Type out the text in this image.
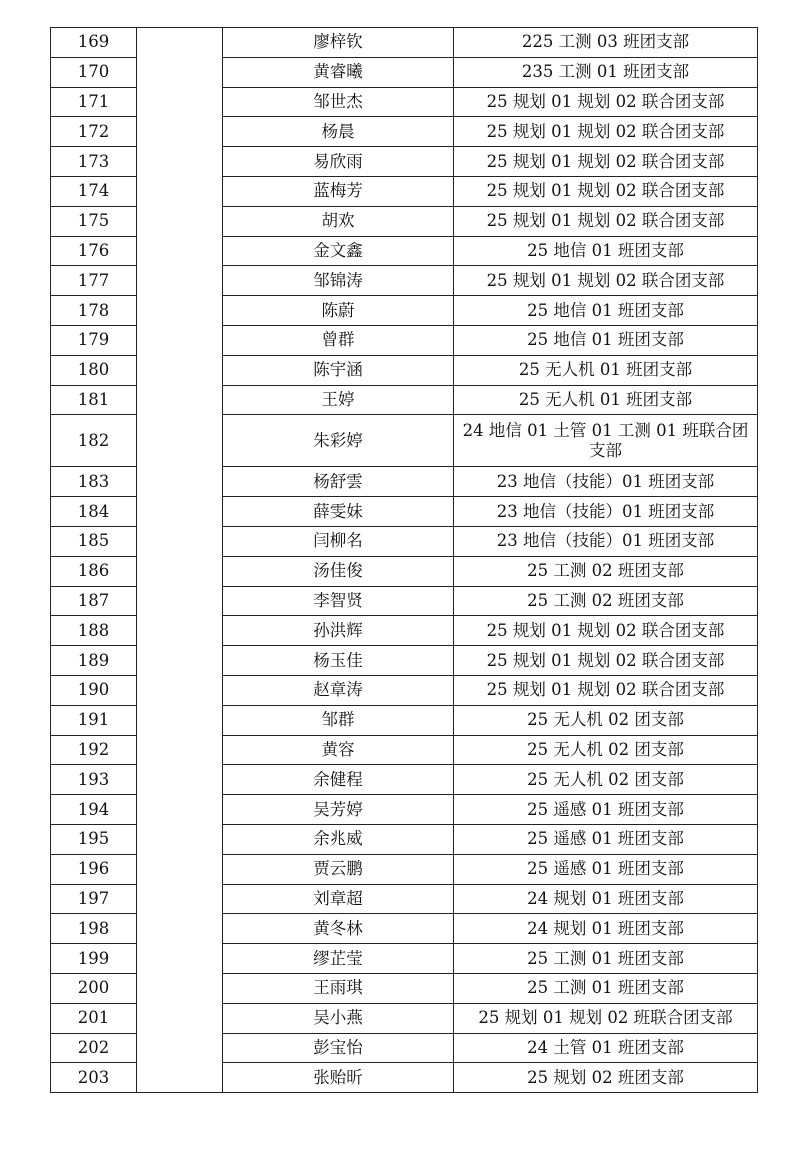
169		廖梓钦	225 工测 03 班团支部
170		黄睿曦	235 工测 01 班团支部
171		邹世杰	25 规划 01 规划 02 联合团支部
172		杨晨	25 规划 01 规划 02 联合团支部
173		易欣雨	25 规划 01 规划 02 联合团支部
174		蓝梅芳	25 规划 01 规划 02 联合团支部
175		胡欢	25 规划 01 规划 02 联合团支部
176		金文鑫	25 地信 01 班团支部
177		邹锦涛	25 规划 01 规划 02 联合团支部
178		陈蔚	25 地信 01 班团支部
179		曾群	25 地信 01 班团支部
180		陈宇涵	25 无人机 01 班团支部
181		王婷	25 无人机 01 班团支部
182		朱彩婷	24 地信 01 土管 01 工测 01 班联合团支部
183		杨舒雲	23 地信（技能）01 班团支部
184		薛雯妹	23 地信（技能）01 班团支部
185		闫柳名	23 地信（技能）01 班团支部
186		汤佳俊	25 工测 02 班团支部
187		李智贤	25 工测 02 班团支部
188		孙洪辉	25 规划 01 规划 02 联合团支部
189		杨玉佳	25 规划 01 规划 02 联合团支部
190		赵章涛	25 规划 01 规划 02 联合团支部
191		邹群	25 无人机 02 团支部
192		黄容	25 无人机 02 团支部
193		余健程	25 无人机 02 团支部
194		吴芳婷	25 遥感 01 班团支部
195		余兆威	25 遥感 01 班团支部
196		贾云鹏	25 遥感 01 班团支部
197		刘章超	24 规划 01 班团支部
198		黄冬林	24 规划 01 班团支部
199		缪芷莹	25 工测 01 班团支部
200		王雨琪	25 工测 01 班团支部
201		吴小燕	25 规划 01 规划 02 班联合团支部
202		彭宝怡	24 土管 01 班团支部
203		张贻昕	25 规划 02 班团支部
